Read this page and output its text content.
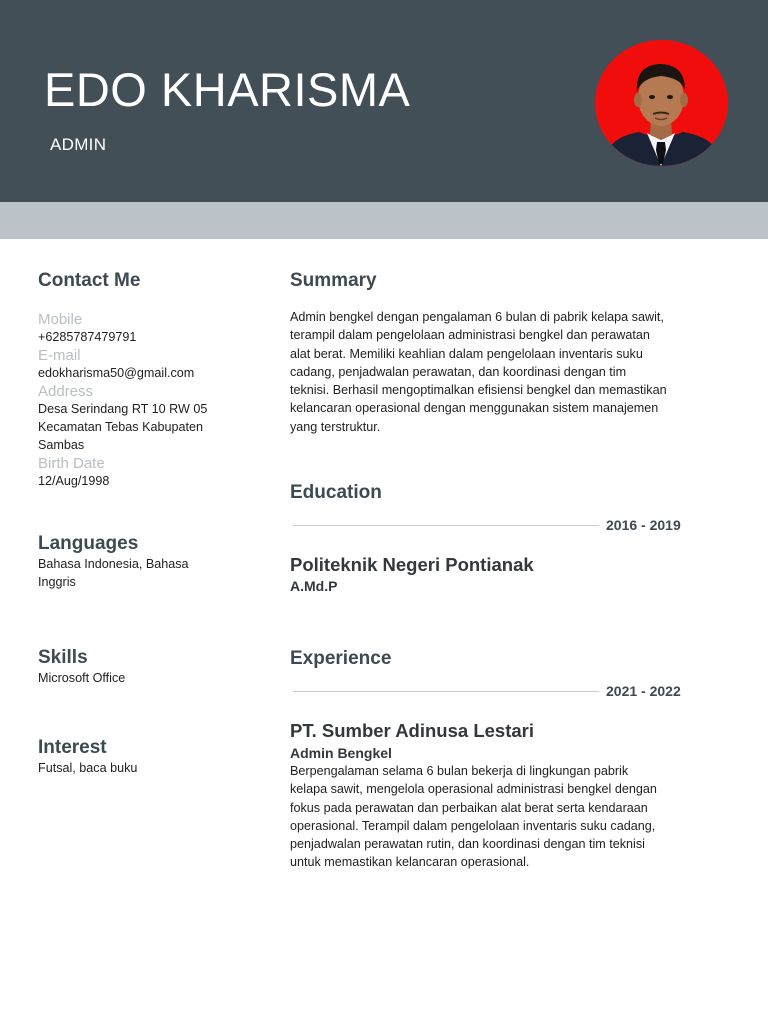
EDO KHARISMA
ADMIN
Contact Me
Mobile
+6285787479791
E-mail
edokharisma50@gmail.com
Address
Desa Serindang RT 10 RW 05
Kecamatan Tebas Kabupaten
Sambas
Birth Date
12/Aug/1998
Languages
Bahasa Indonesia, Bahasa
Inggris
Skills
Microsoft Office
Interest
Futsal, baca buku
Summary
Admin bengkel dengan pengalaman 6 bulan di pabrik kelapa sawit,
terampil dalam pengelolaan administrasi bengkel dan perawatan
alat berat. Memiliki keahlian dalam pengelolaan inventaris suku
cadang, penjadwalan perawatan, dan koordinasi dengan tim
teknisi. Berhasil mengoptimalkan efisiensi bengkel dan memastikan
kelancaran operasional dengan menggunakan sistem manajemen
yang terstruktur.
Education
2016 - 2019
Politeknik Negeri Pontianak
A.Md.P
Experience
2021 - 2022
PT. Sumber Adinusa Lestari
Admin Bengkel
Berpengalaman selama 6 bulan bekerja di lingkungan pabrik
kelapa sawit, mengelola operasional administrasi bengkel dengan
fokus pada perawatan dan perbaikan alat berat serta kendaraan
operasional. Terampil dalam pengelolaan inventaris suku cadang,
penjadwalan perawatan rutin, dan koordinasi dengan tim teknisi
untuk memastikan kelancaran operasional.
